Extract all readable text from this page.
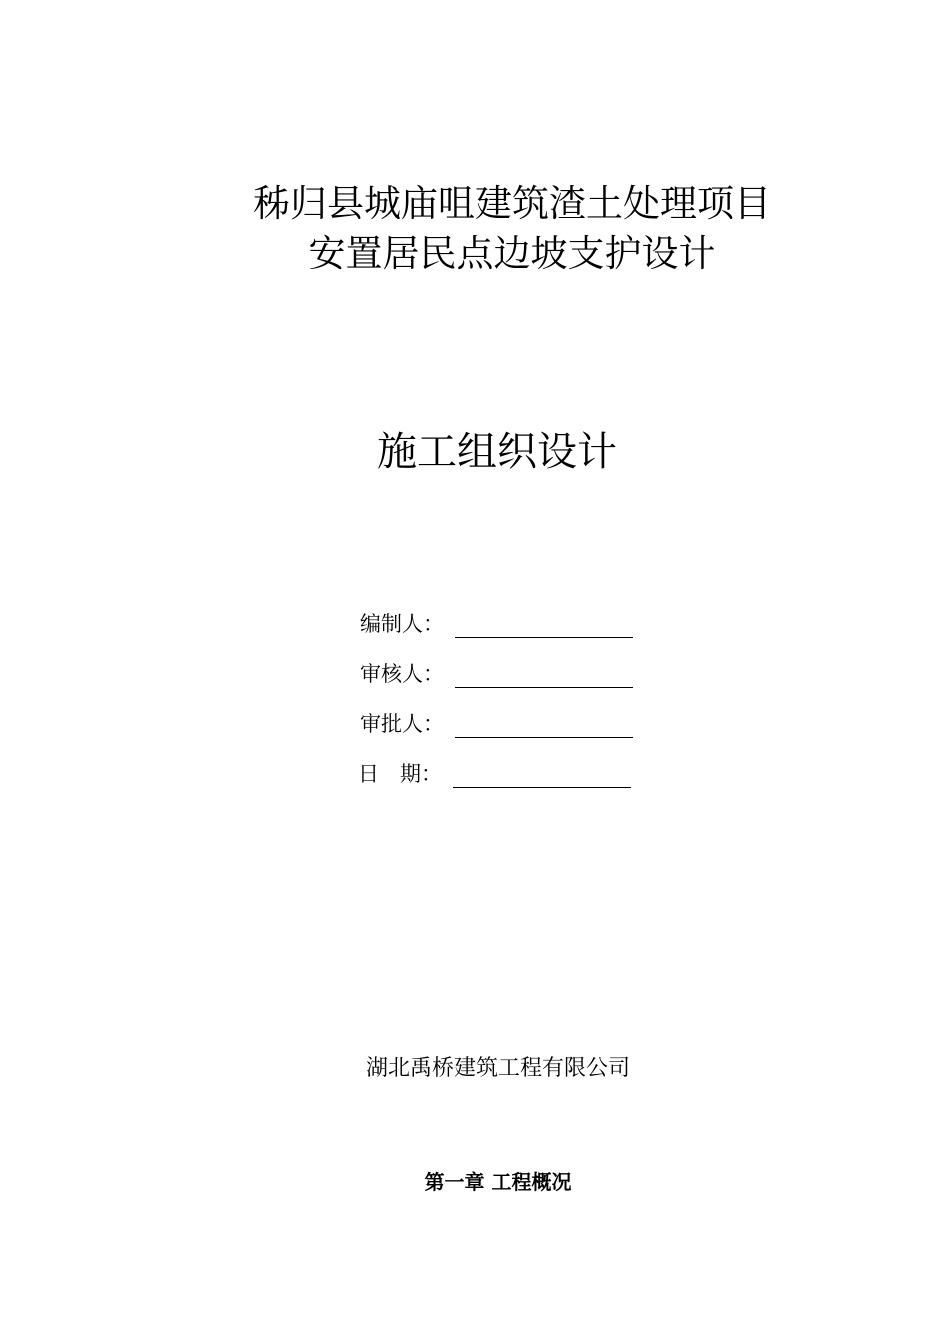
秭归县城庙咀建筑渣土处理项目
安置居民点边坡支护设计
施工组织设计
编制人：
审核人：
审批人：
日　期：
湖北禹桥建筑工程有限公司
第一章 工程概况
